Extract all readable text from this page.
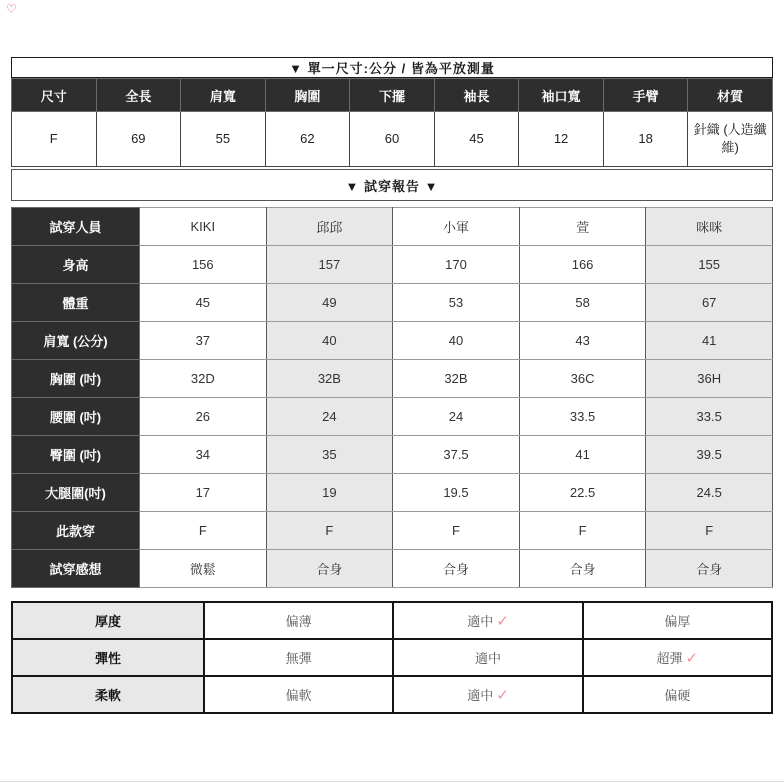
♡
▼ 單一尺寸:公分 / 皆為平放測量
尺寸	全長	肩寬	胸圍	下擺	袖長	袖口寬	手臂	材質
F	69	55	62	60	45	12	18	針織 (人造纖維)
▼ 試穿報告 ▼
試穿人員	KIKI	邱邱	小軍	萱	咪咪
身高	156	157	170	166	155
體重	45	49	53	58	67
肩寬 (公分)	37	40	40	43	41
胸圍 (吋)	32D	32B	32B	36C	36H
腰圍 (吋)	26	24	24	33.5	33.5
臀圍 (吋)	34	35	37.5	41	39.5
大腿圍(吋)	17	19	19.5	22.5	24.5
此款穿	F	F	F	F	F
試穿感想	微鬆	合身	合身	合身	合身
厚度	偏薄	適中 ✓	偏厚
彈性	無彈	適中	超彈 ✓
柔軟	偏軟	適中 ✓	偏硬
